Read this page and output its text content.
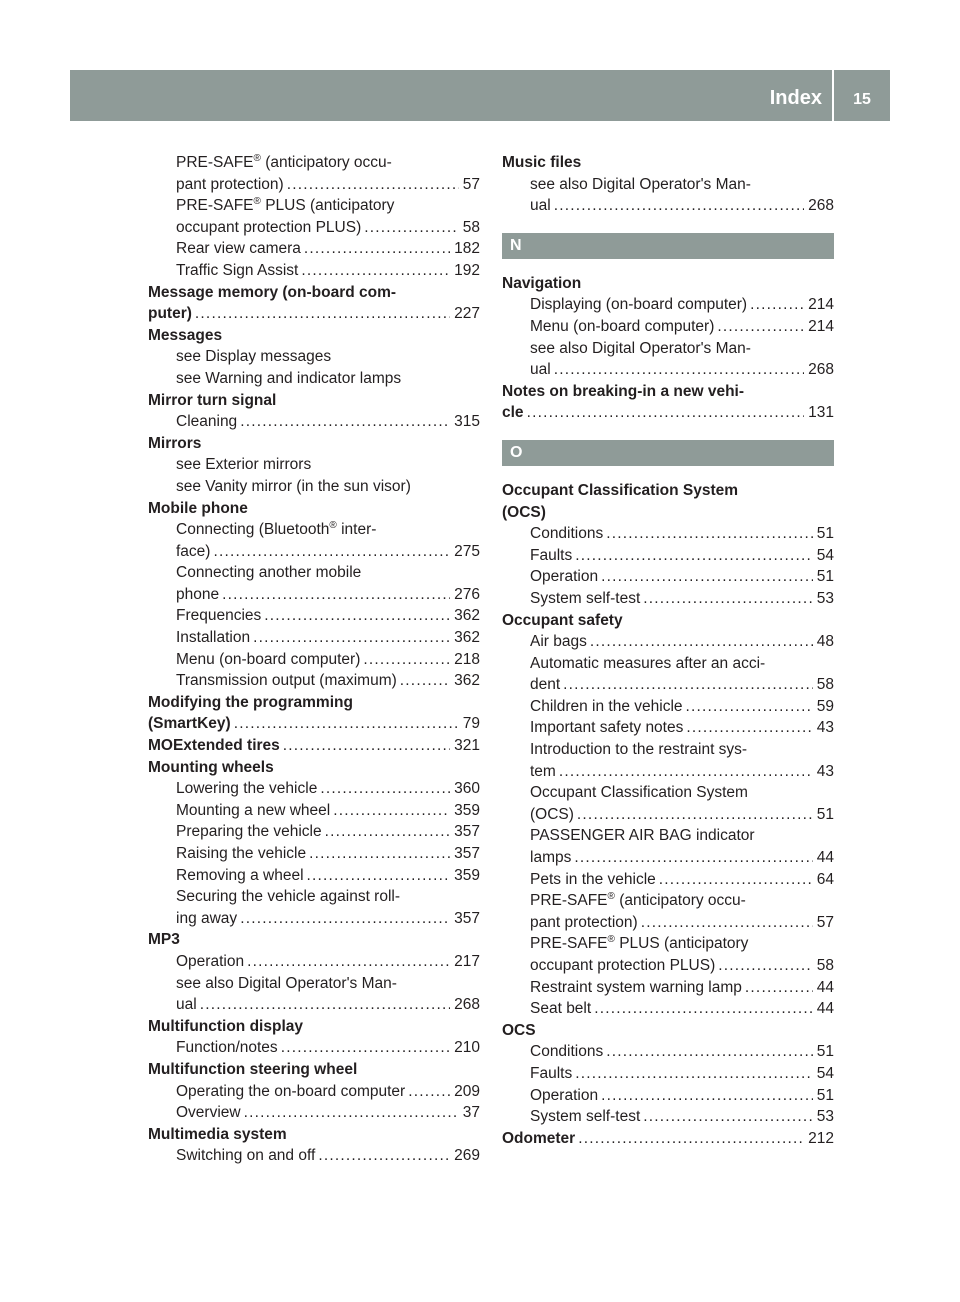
Index	15
PRE-SAFE® (anticipatory occu-
pant protection) .....	57
PRE-SAFE® PLUS (anticipatory
occupant protection PLUS) .....	58
Rear view camera .....	182
Traffic Sign Assist .....	192
Message memory (on-board com-
puter) .....	227
Messages
see Display messages
see Warning and indicator lamps
Mirror turn signal
Cleaning .....	315
Mirrors
see Exterior mirrors
see Vanity mirror (in the sun visor)
Mobile phone
Connecting (Bluetooth® inter-
face) .....	275
Connecting another mobile
phone .....	276
Frequencies .....	362
Installation .....	362
Menu (on-board computer) .....	218
Transmission output (maximum) .....	362
Modifying the programming
(SmartKey) .....	79
MOExtended tires .....	321
Mounting wheels
Lowering the vehicle .....	360
Mounting a new wheel .....	359
Preparing the vehicle .....	357
Raising the vehicle .....	357
Removing a wheel .....	359
Securing the vehicle against roll-
ing away .....	357
MP3
Operation .....	217
see also Digital Operator's Man-
ual .....	268
Multifunction display
Function/notes .....	210
Multifunction steering wheel
Operating the on-board computer .....	209
Overview .....	37
Multimedia system
Switching on and off .....	269
Music files
see also Digital Operator's Man-
ual .....	268
N
Navigation
Displaying (on-board computer) .....	214
Menu (on-board computer) .....	214
see also Digital Operator's Man-
ual .....	268
Notes on breaking-in a new vehi-
cle .....	131
O
Occupant Classification System
(OCS)
Conditions .....	51
Faults .....	54
Operation .....	51
System self-test .....	53
Occupant safety
Air bags .....	48
Automatic measures after an acci-
dent .....	58
Children in the vehicle .....	59
Important safety notes .....	43
Introduction to the restraint sys-
tem .....	43
Occupant Classification System
(OCS) .....	51
PASSENGER AIR BAG indicator
lamps .....	44
Pets in the vehicle .....	64
PRE-SAFE® (anticipatory occu-
pant protection) .....	57
PRE-SAFE® PLUS (anticipatory
occupant protection PLUS) .....	58
Restraint system warning lamp .....	44
Seat belt .....	44
OCS
Conditions .....	51
Faults .....	54
Operation .....	51
System self-test .....	53
Odometer .....	212
